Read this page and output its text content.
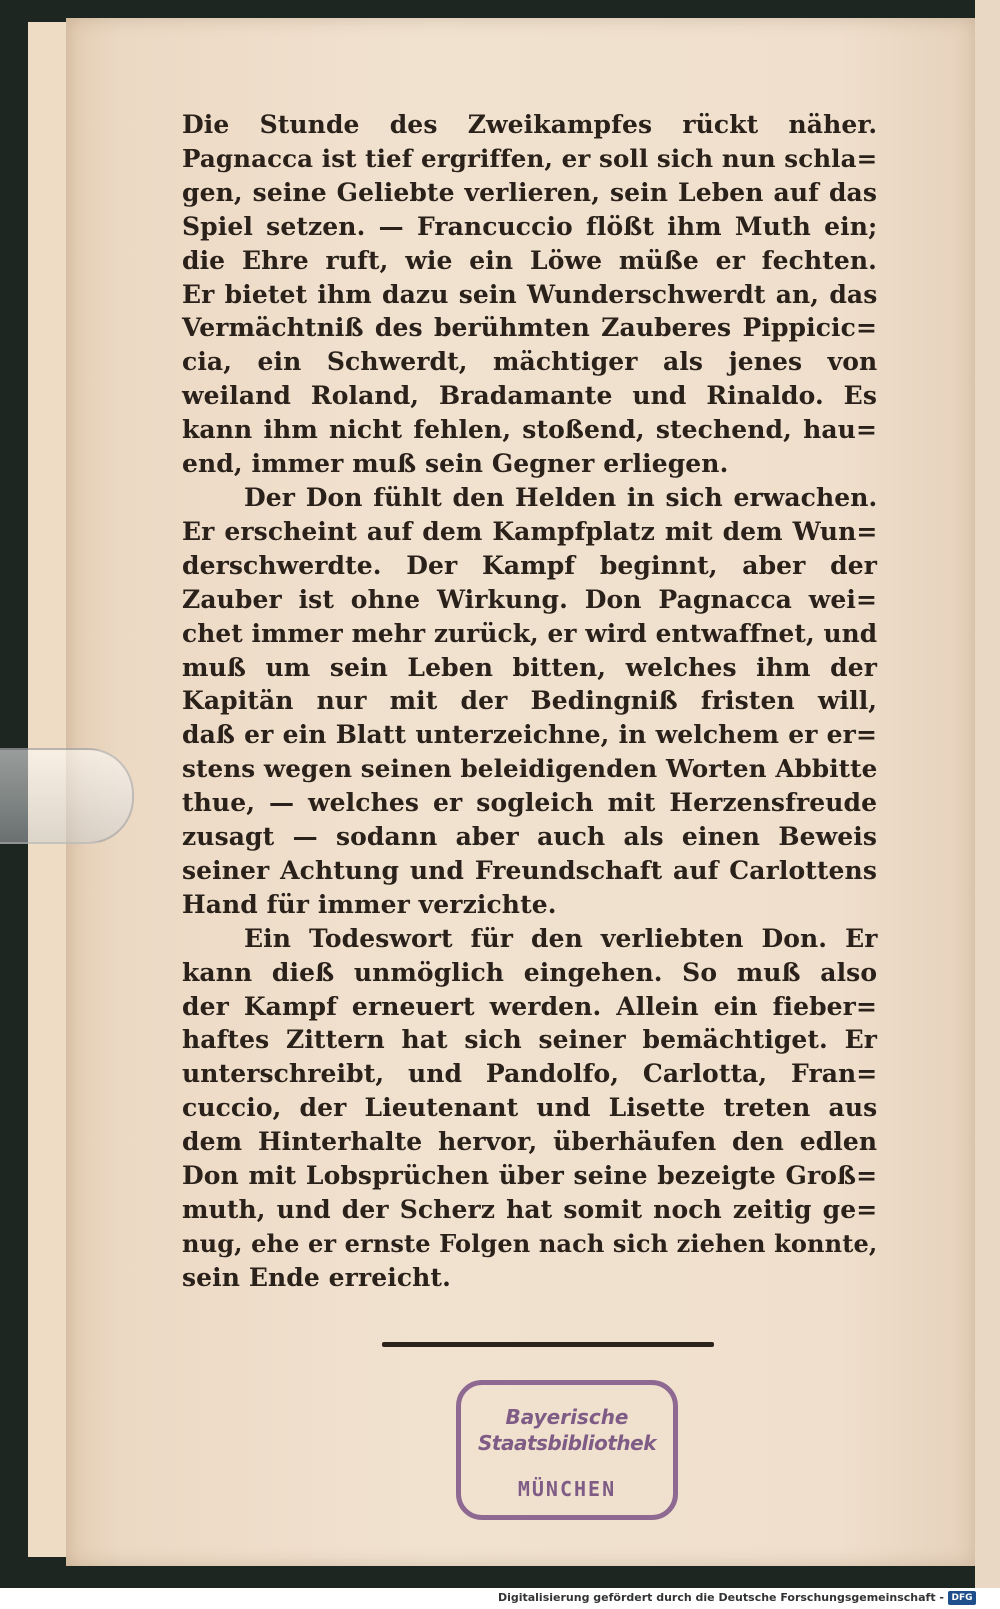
Die Stunde des Zweikampfes rückt näher.
Pagnacca ist tief ergriffen, er soll sich nun schla=
gen, seine Geliebte verlieren, sein Leben auf das
Spiel setzen. — Francuccio flößt ihm Muth ein;
die Ehre ruft, wie ein Löwe müße er fechten.
Er bietet ihm dazu sein Wunderschwerdt an, das
Vermächtniß des berühmten Zauberes Pippicic=
cia, ein Schwerdt, mächtiger als jenes von
weiland Roland, Bradamante und Rinaldo. Es
kann ihm nicht fehlen, stoßend, stechend, hau=
end, immer muß sein Gegner erliegen.

Der Don fühlt den Helden in sich erwachen.
Er erscheint auf dem Kampfplatz mit dem Wun=
derschwerdte. Der Kampf beginnt, aber der
Zauber ist ohne Wirkung. Don Pagnacca wei=
chet immer mehr zurück, er wird entwaffnet, und
muß um sein Leben bitten, welches ihm der
Kapitän nur mit der Bedingniß fristen will,
daß er ein Blatt unterzeichne, in welchem er er=
stens wegen seinen beleidigenden Worten Abbitte
thue, — welches er sogleich mit Herzensfreude
zusagt — sodann aber auch als einen Beweis
seiner Achtung und Freundschaft auf Carlottens
Hand für immer verzichte.

Ein Todeswort für den verliebten Don. Er
kann dieß unmöglich eingehen. So muß also
der Kampf erneuert werden. Allein ein fieber=
haftes Zittern hat sich seiner bemächtiget. Er
unterschreibt, und Pandolfo, Carlotta, Fran=
cuccio, der Lieutenant und Lisette treten aus
dem Hinterhalte hervor, überhäufen den edlen
Don mit Lobsprüchen über seine bezeigte Groß=
muth, und der Scherz hat somit noch zeitig ge=
nug, ehe er ernste Folgen nach sich ziehen konnte,
sein Ende erreicht.

Bayerische
Staatsbibliothek
MÜNCHEN
Digitalisierung gefördert durch die Deutsche Forschungsgemeinschaft - DFG
